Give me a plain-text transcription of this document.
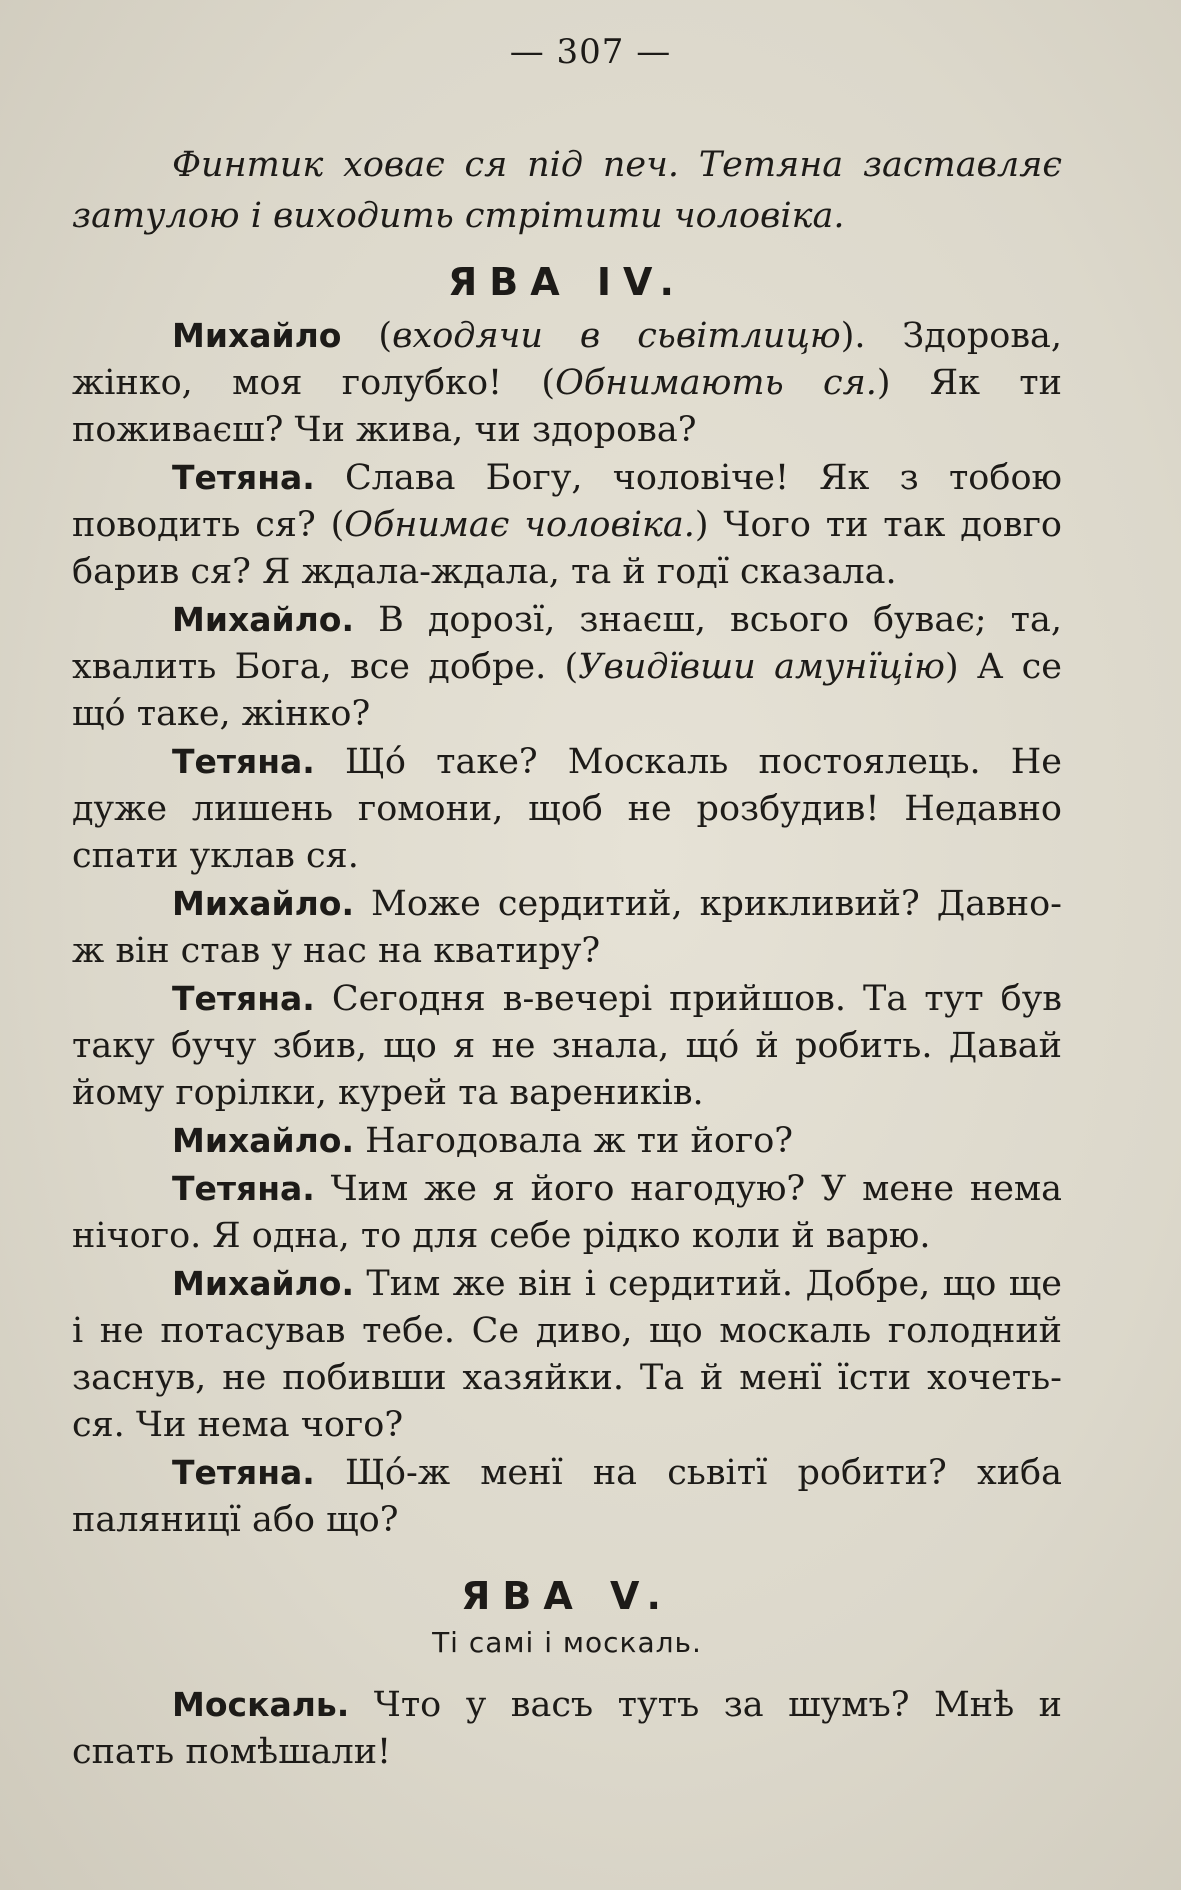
— 307 —

Финтик ховає ся під печ. Тетяна заставляє затулою і виходить стрітити чоловіка.

ЯВА IV.

Михайло (входячи в сьвітлицю). Здорова, жінко, моя голубко! (Обнимають ся.) Як ти поживаєш? Чи жива, чи здорова?

Тетяна. Слава Богу, чоловіче! Як з тобою поводить ся? (Обнимає чоловіка.) Чого ти так довго барив ся? Я ждала-ждала, та й годї сказала.

Михайло. В дорозї, знаєш, всього буває; та, хвалить Бога, все добре. (Увидївши амунїцію) А се щó таке, жінко?

Тетяна. Щó таке? Москаль постоялець. Не дуже лишень гомони, щоб не розбудив! Недавно спати уклав ся.

Михайло. Може сердитий, крикливий? Давно-ж він став у нас на кватиру?

Тетяна. Сегодня в-вечері прийшов. Та тут був таку бучу збив, що я не знала, щó й робить. Давай йому горілки, курей та вареників.

Михайло. Нагодовала ж ти його?

Тетяна. Чим же я його нагодую? У мене нема нічого. Я одна, то для себе рідко коли й варю.

Михайло. Тим же він і сердитий. Добре, що ще і не потасував тебе. Се диво, що москаль голодний заснув, не побивши хазяйки. Та й менї їсти хочеть-ся. Чи нема чого?

Тетяна. Щó-ж менї на сьвітї робити? хиба паляницї або що?

ЯВА V.
Ті самі і москаль.

Москаль. Что у васъ тутъ за шумъ? Мнѣ и спать помѣшали!
